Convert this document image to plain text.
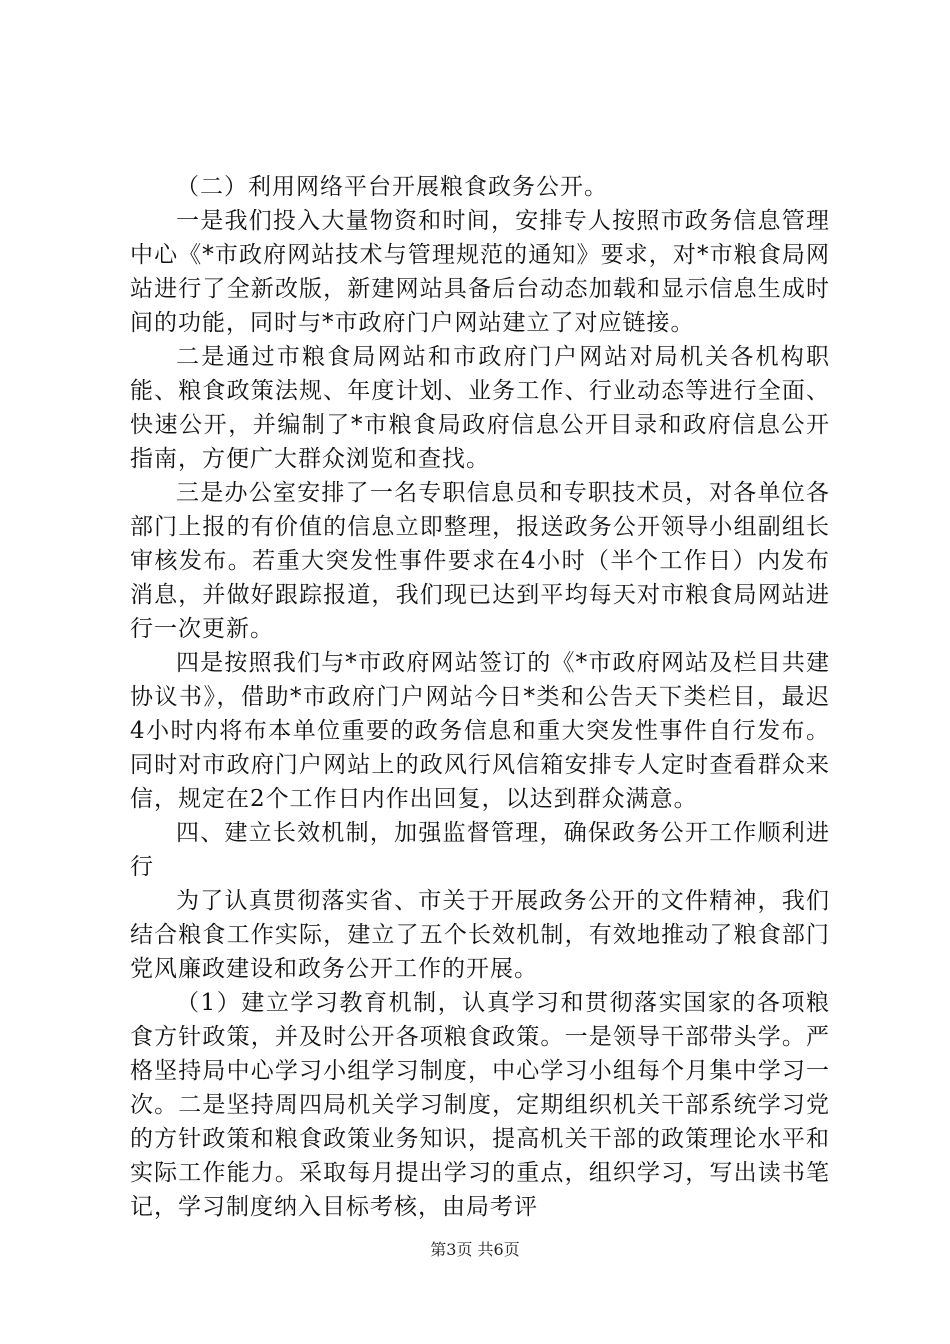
（二）利用网络平台开展粮食政务公开。

一是我们投入大量物资和时间，安排专人按照市政务信息管理中心《*市政府网站技术与管理规范的通知》要求，对*市粮食局网站进行了全新改版，新建网站具备后台动态加载和显示信息生成时间的功能，同时与*市政府门户网站建立了对应链接。

二是通过市粮食局网站和市政府门户网站对局机关各机构职能、粮食政策法规、年度计划、业务工作、行业动态等进行全面、快速公开，并编制了*市粮食局政府信息公开目录和政府信息公开指南，方便广大群众浏览和查找。

三是办公室安排了一名专职信息员和专职技术员，对各单位各部门上报的有价值的信息立即整理，报送政务公开领导小组副组长审核发布。若重大突发性事件要求在4小时（半个工作日）内发布消息，并做好跟踪报道，我们现已达到平均每天对市粮食局网站进行一次更新。

四是按照我们与*市政府网站签订的《*市政府网站及栏目共建协议书》，借助*市政府门户网站今日*类和公告天下类栏目，最迟4小时内将布本单位重要的政务信息和重大突发性事件自行发布。同时对市政府门户网站上的政风行风信箱安排专人定时查看群众来信，规定在2个工作日内作出回复，以达到群众满意。

四、建立长效机制，加强监督管理，确保政务公开工作顺利进行

为了认真贯彻落实省、市关于开展政务公开的文件精神，我们结合粮食工作实际，建立了五个长效机制，有效地推动了粮食部门党风廉政建设和政务公开工作的开展。

（1）建立学习教育机制，认真学习和贯彻落实国家的各项粮食方针政策，并及时公开各项粮食政策。一是领导干部带头学。严格坚持局中心学习小组学习制度，中心学习小组每个月集中学习一次。二是坚持周四局机关学习制度，定期组织机关干部系统学习党的方针政策和粮食政策业务知识，提高机关干部的政策理论水平和实际工作能力。采取每月提出学习的重点，组织学习，写出读书笔记，学习制度纳入目标考核，由局考评

第3页 共6页
